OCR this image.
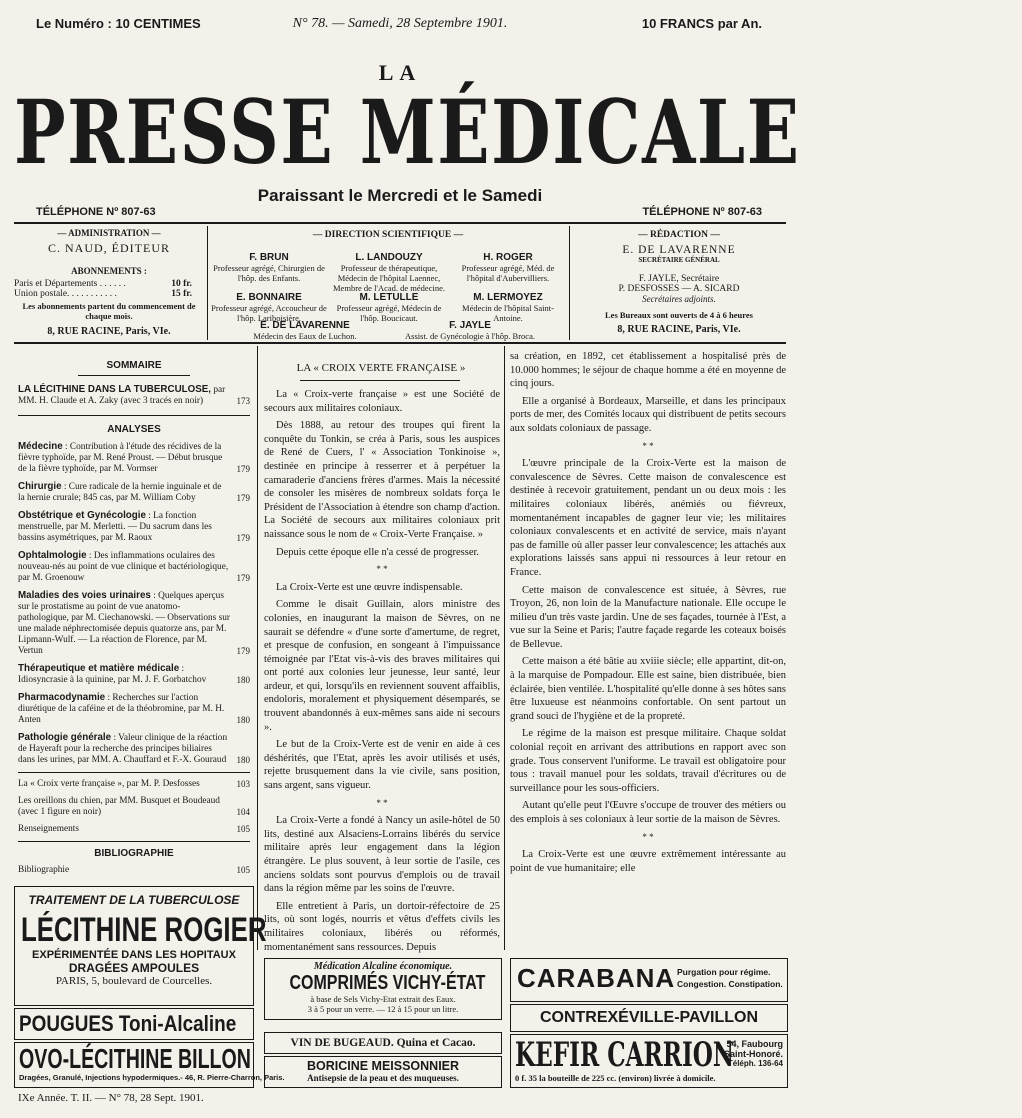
Le Numéro : 10 CENTIMES	N° 78. — Samedi, 28 Septembre 1901.	10 FRANCS par An.
LA
PRESSE MÉDICALE
Paraissant le Mercredi et le Samedi
TÉLÉPHONE Nº 807-63	TÉLÉPHONE Nº 807-63
— ADMINISTRATION —
C. NAUD, ÉDITEUR
ABONNEMENTS :
Paris et Départements . . . . . .	10 fr.
Union postale. . . . . . . . . . .	15 fr.
Les abonnements partent du commencement de chaque mois.
8, RUE RACINE, Paris, VIe.
— DIRECTION SCIENTIFIQUE —
F. BRUN
Professeur agrégé, Chirurgien de l'hôp. des Enfants.
L. LANDOUZY
Professeur de thérapeutique, Médecin de l'hôpital Laennec, Membre de l'Acad. de médecine.
H. ROGER
Professeur agrégé, Méd. de l'hôpital d'Aubervilliers.
E. BONNAIRE
Professeur agrégé, Accoucheur de l'hôp. Lariboisière.
M. LETULLE
Professeur agrégé, Médecin de l'hôp. Boucicaut.
M. LERMOYEZ
Médecin de l'hôpital Saint-Antoine.
E. DE LAVARENNE
Médecin des Eaux de Luchon.
F. JAYLE
Assist. de Gynécologie à l'hôp. Broca.
— RÉDACTION —
E. DE LAVARENNE
SECRÉTAIRE GÉNÉRAL
F. JAYLE, Secrétaire
P. DESFOSSES — A. SICARD
Secrétaires adjoints.
Les Bureaux sont ouverts de 4 à 6 heures
8, RUE RACINE, Paris, VIe.
SOMMAIRE
LA LÉCITHINE DANS LA TUBERCULOSE, par MM. H. Claude et A. Zaky (avec 3 tracés en noir)	173
ANALYSES
Médecine : Contribution à l'étude des récidives de la fièvre typhoïde, par M. René Proust. — Début brusque de la fièvre typhoïde, par M. Vormser	179
Chirurgie : Cure radicale de la hernie inguinale et de la hernie crurale; 845 cas, par M. William Coby	179
Obstétrique et Gynécologie : La fonction menstruelle, par M. Merletti. — Du sacrum dans les bassins asymétriques, par M. Raoux	179
Ophtalmologie : Des inflammations oculaires des nouveau-nés au point de vue clinique et bactériologique, par M. Groenouw	179
Maladies des voies urinaires : Quelques aperçus sur le prostatisme au point de vue anatomo-pathologique, par M. Ciechanowski. — Observations sur une malade néphrectomisée depuis quatorze ans, par M. Lipmann-Wulf. — La réaction de Florence, par M. Vertun	179
Thérapeutique et matière médicale : Idiosyncrasie à la quinine, par M. J. F. Gorbatchov	180
Pharmacodynamie : Recherches sur l'action diurétique de la caféine et de la théobromine, par M. H. Anten	180
Pathologie générale : Valeur clinique de la réaction de Hayeraft pour la recherche des principes biliaires dans les urines, par MM. A. Chauffard et F.-X. Gouraud 180
La « Croix verte française », par M. P. Desfosses	103
Les oreillons du chien, par MM. Busquet et Boudeaud (avec 1 figure en noir)	104
Renseignements	105
BIBLIOGRAPHIE
Bibliographie	105
LA « CROIX VERTE FRANÇAISE »

La « Croix-verte française » est une Société de secours aux militaires coloniaux.

Dès 1888, au retour des troupes qui firent la conquête du Tonkin, se créa à Paris, sous les auspices de René de Cuers, l' « Association Tonkinoise », destinée en principe à resserrer et à perpétuer la camaraderie d'anciens frères d'armes. Mais la nécessité de consoler les misères de nombreux soldats força le Président de l'Association à étendre son champ d'action. La Société de secours aux militaires coloniaux prit naissance sous le nom de « Croix-Verte Française. »

Depuis cette époque elle n'a cessé de progresser.

* *

La Croix-Verte est une œuvre indispensable.

Comme le disait Guillain, alors ministre des colonies, en inaugurant la maison de Sèvres, on ne saurait se défendre « d'une sorte d'amertume, de regret, et presque de confusion, en songeant à l'impuissance témoignée par l'Etat vis-à-vis des braves militaires qui ont porté aux colonies leur jeunesse, leur santé, leur ardeur, et qui, lorsqu'ils en reviennent souvent affaiblis, endoloris, moralement et physiquement désemparés, se trouvent abandonnés à eux-mêmes sans aide ni secours ».

Le but de la Croix-Verte est de venir en aide à ces déshérités, que l'Etat, après les avoir utilisés et usés, rejette brusquement dans la vie civile, sans position, sans argent, sans vigueur.

* *

La Croix-Verte a fondé à Nancy un asile-hôtel de 50 lits, destiné aux Alsaciens-Lorrains libérés du service militaire après leur engagement dans la légion étrangère. Le plus souvent, à leur sortie de l'asile, ces anciens soldats sont pourvus d'emplois ou de travail dans la région même par les soins de l'œuvre.

Elle entretient à Paris, un dortoir-réfectoire de 25 lits, où sont logés, nourris et vêtus d'effets civils les militaires coloniaux, libérés ou réformés, momentanément sans ressources. Depuis

sa création, en 1892, cet établissement a hospitalisé près de 10.000 hommes; le séjour de chaque homme a été en moyenne de cinq jours.

Elle a organisé à Bordeaux, Marseille, et dans les principaux ports de mer, des Comités locaux qui distribuent de petits secours aux soldats coloniaux de passage.

* *

L'œuvre principale de la Croix-Verte est la maison de convalescence de Sèvres. Cette maison de convalescence est destinée à recevoir gratuitement, pendant un ou deux mois : les militaires coloniaux libérés, anémiés ou fiévreux, momentanément incapables de gagner leur vie; les militaires coloniaux convalescents et en activité de service, mais n'ayant pas de famille où aller passer leur convalescence; les attachés aux explorations laissés sans appui ni ressources à leur retour en France.

Cette maison de convalescence est située, à Sèvres, rue Troyon, 26, non loin de la Manufacture nationale. Elle occupe le milieu d'un très vaste jardin. Une de ses façades, tournée à l'Est, a vue sur la Seine et Paris; l'autre façade regarde les coteaux boisés de Bellevue.

Cette maison a été bâtie au xviiie siècle; elle appartint, dit-on, à la marquise de Pompadour. Elle est saine, bien distribuée, bien éclairée, bien ventilée. L'hospitalité qu'elle donne à ses hôtes sans être luxueuse est néanmoins confortable. On sent partout un grand souci de l'hygiène et de la propreté.

Le régime de la maison est presque militaire. Chaque soldat colonial reçoit en arrivant des attributions en rapport avec son grade. Tous conservent l'uniforme. Le travail est obligatoire pour tous : travail manuel pour les soldats, travail d'écritures ou de surveillance pour les sous-officiers.

Autant qu'elle peut l'Œuvre s'occupe de trouver des métiers ou des emplois à ses coloniaux à leur sortie de la maison de Sèvres.

* *

La Croix-Verte est une œuvre extrêmement intéressante au point de vue humanitaire; elle

TRAITEMENT DE LA TUBERCULOSE
LÉCITHINE ROGIER
EXPÉRIMENTÉE DANS LES HOPITAUX
DRAGÉES AMPOULES
PARIS, 5, boulevard de Courcelles.
POUGUES Toni-Alcaline
OVO-LÉCITHINE BILLON
Dragées, Granulé, Injections hypodermiques.- 46, R. Pierre-Charron, Paris.
Médication Alcaline économique.
COMPRIMÉS VICHY-ÉTAT
à base de Sels Vichy-Etat extrait des Eaux.
3 à 5 pour un verre. — 12 à 15 pour un litre.
VIN DE BUGEAUD. Quina et Cacao.
BORICINE MEISSONNIER
Antisepsie de la peau et des muqueuses.
CARABANA Purgation pour régime.
Congestion. Constipation.
CONTREXÉVILLE-PAVILLON
KEFIR CARRION
54, Faubourg
Saint-Honoré.
Téléph. 136-64
0 f. 35 la bouteille de 225 cc. (environ) livrée à domicile.
IXe Année. T. II. — N° 78, 28 Sept. 1901.
